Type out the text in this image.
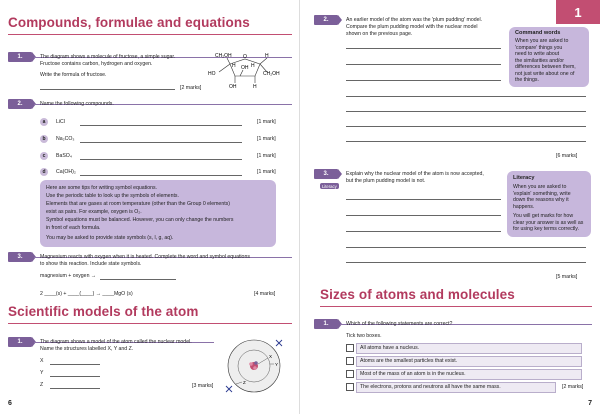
Compounds, formulae and equations
1.	The diagram shows a molecule of fructose, a simple sugar.
Fructose contains carbon, hydrogen and oxygen.
Write the formula of fructose.
[2 marks]
CH₂OH O
HO
H
H
OH H
CH₂OH
OH	H
2.	Name the following compounds.
a	LiCl	[1 mark]
b	Na₂CO₃	[1 mark]
c	BaSO₄	[1 mark]
d	Ca(OH)₂	[1 mark]
Here are some tips for writing symbol equations.
Use the periodic table to look up the symbols of elements.
Elements that are gases at room temperature (other than the Group 0 elements)
exist as pairs. For example, oxygen is O₂.
Symbol equations must be balanced. However, you can only change the numbers
in front of each formula.
You may be asked to provide state symbols (s, l, g, aq).
3.	Magnesium reacts with oxygen when it is heated. Complete the word and symbol equations
to show this reaction. Include state symbols.
magnesium + oxygen →
2 ____(s) + ____(____) → ____MgO (s)	[4 marks]
Scientific models of the atom
1.	The diagram shows a model of the atom called the nuclear model.
Name the structures labelled X, Y and Z.
X
Y
Z	[3 marks]
X
Y
Z
6
1
2.	An earlier model of the atom was the 'plum pudding' model.
Compare the plum pudding model with the nuclear model
shown on the previous page.	Command words
When you are asked to
'compare' things you
need to write about
the similarities and/or
differences between them,
not just write about one of
the things.
[6 marks]
3.
Literacy
Explain why the nuclear model of the atom is now accepted,
but the plum pudding model is not.	Literacy
When you are asked to
'explain' something, write
down the reasons why it
happens.
You will get marks for how
clear your answer is as well as
for using key terms correctly.
[5 marks]
Sizes of atoms and molecules
1.	Which of the following statements are correct?
Tick two boxes.
All atoms have a nucleus.
Atoms are the smallest particles that exist.
Most of the mass of an atom is in the nucleus.
The electrons, protons and neutrons all have the same mass.	[2 marks]
7
